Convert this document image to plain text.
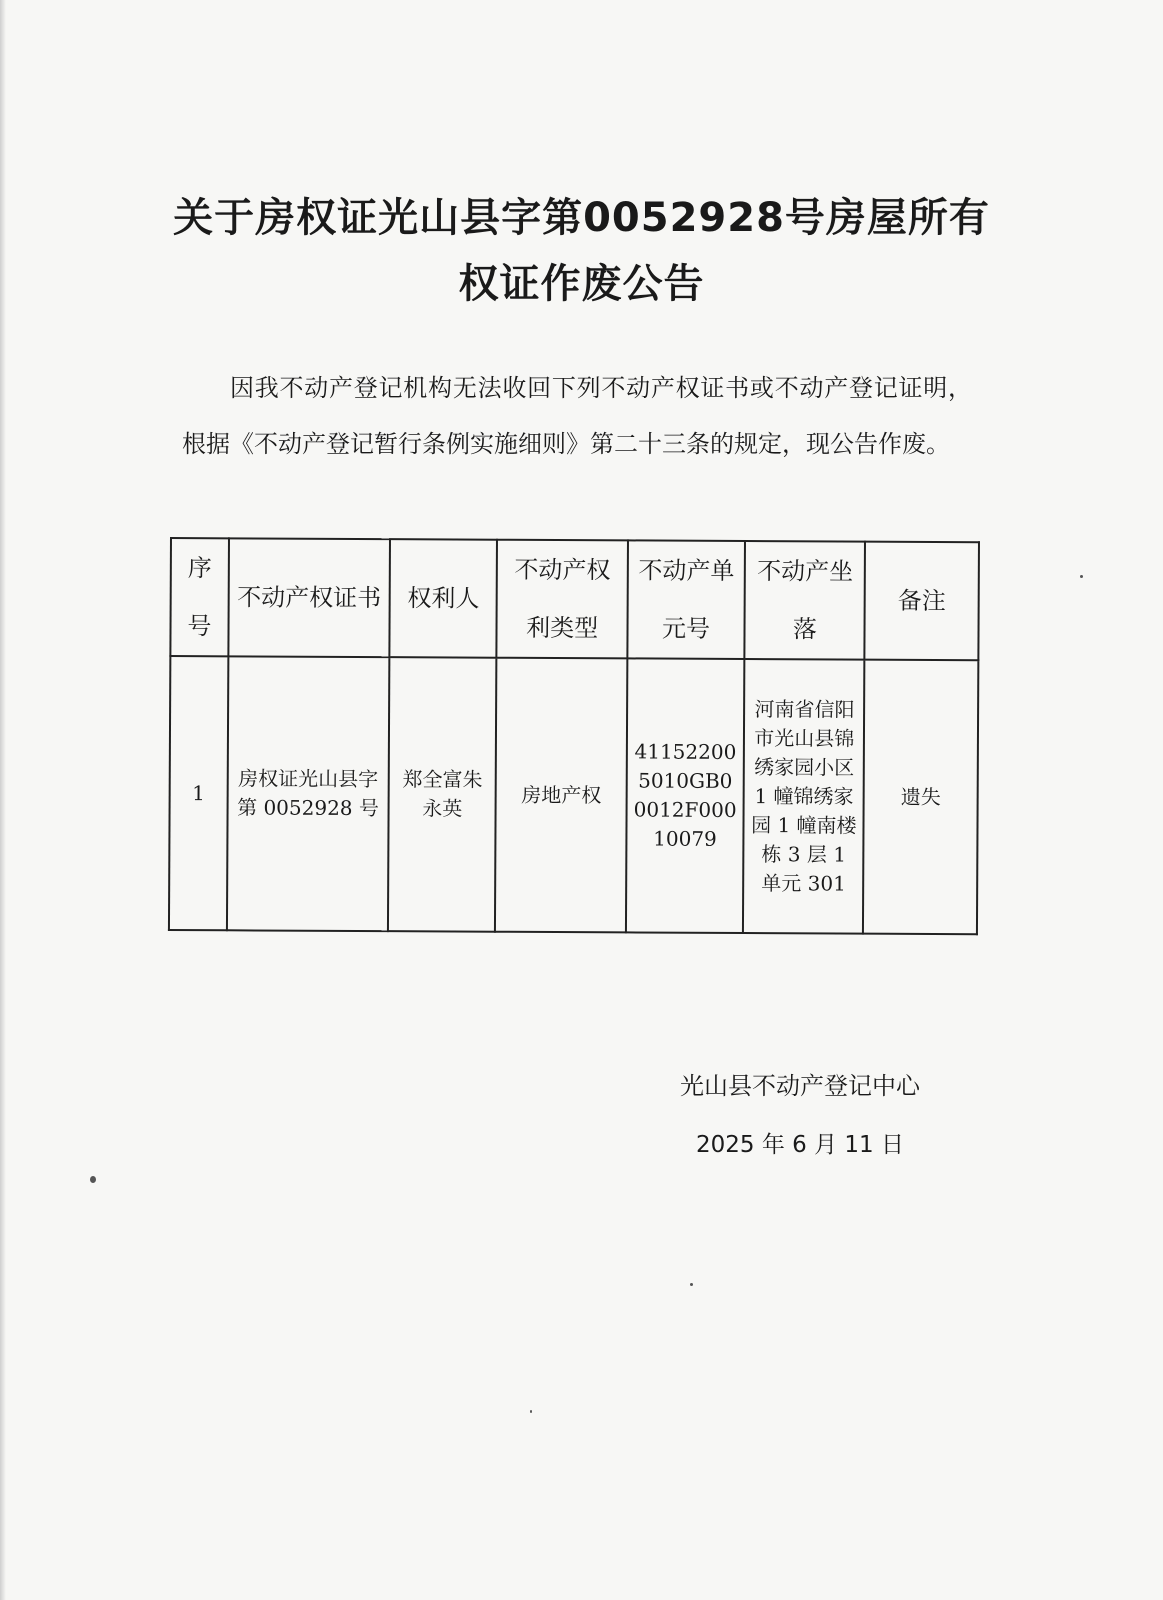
关于房权证光山县字第0052928号房屋所有
权证作废公告

因我不动产登记机构无法收回下列不动产权证书或不动产登记证明，根据《不动产登记暂行条例实施细则》第二十三条的规定，现公告作废。

序号	不动产权证书	权利人	不动产权利类型	不动产单元号	不动产坐落	备注
1	房权证光山县字第 0052928 号	郑全富朱永英	房地产权	411522005010GB00012F00010079	河南省信阳市光山县锦绣家园小区 1 幢锦绣家园 1 幢南楼栋 3 层 1 单元 301	遗失
光山县不动产登记中心
2025 年 6 月 11 日
